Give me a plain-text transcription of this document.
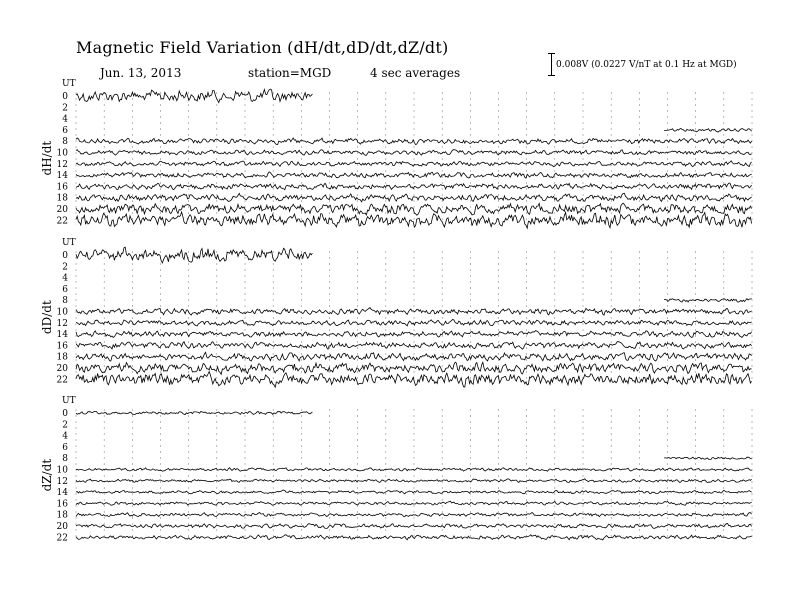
Magnetic Field Variation (dH/dt,dD/dt,dZ/dt)
Jun. 13, 2013	station=MGD	4 sec averages
0.008V (0.0227 V/nT at 0.1 Hz at MGD)
UT
dH/dt
0
2
4
6
8
10
12
14
16
18
20
22
UT
dD/dt
0
2
4
6
8
10
12
14
16
18
20
22
UT
dZ/dt
0
2
4
6
8
10
12
14
16
18
20
22
